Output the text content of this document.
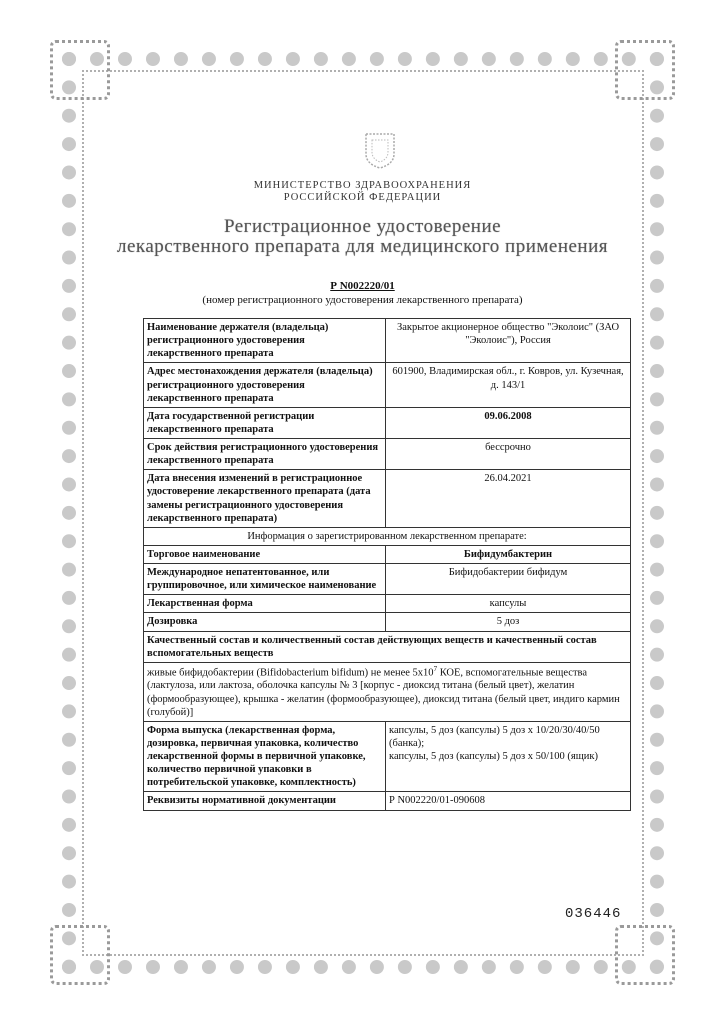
МИНИСТЕРСТВО ЗДРАВООХРАНЕНИЯ
РОССИЙСКОЙ ФЕДЕРАЦИИ
Регистрационное удостоверение
лекарственного препарата для медицинского применения
Р N002220/01
(номер регистрационного удостоверения лекарственного препарата)
Наименование держателя (владельца) регистрационного удостоверения лекарственного препарата	Закрытое акционерное общество "Эколоис" (ЗАО "Эколоис"), Россия
Адрес местонахождения держателя (владельца) регистрационного удостоверения лекарственного препарата	601900, Владимирская обл., г. Ковров, ул. Кузечная, д. 143/1
Дата государственной регистрации лекарственного препарата	09.06.2008
Срок действия регистрационного удостоверения лекарственного препарата	бессрочно
Дата внесения изменений в регистрационное удостоверение лекарственного препарата (дата замены регистрационного удостоверения лекарственного препарата)	26.04.2021
Информация о зарегистрированном лекарственном препарате:	
Торговое наименование	Бифидумбактерин
Международное непатентованное, или группировочное, или химическое наименование	Бифидобактерии бифидум
Лекарственная форма	капсулы
Дозировка	5 доз
Качественный состав и количественный состав действующих веществ и качественный состав вспомогательных веществ	
живые бифидобактерии (Bifidobacterium bifidum) не менее $5x10^7$ КОЕ, вспомогательные вещества (лактулоза, или лактоза, оболочка капсулы № 3 [корпус - диоксид титана (белый цвет), желатин (формообразующее), крышка - желатин (формообразующее), диоксид титана (белый цвет, индиго кармин (голубой)]	
Форма выпуска (лекарственная форма, дозировка, первичная упаковка, количество лекарственной формы в первичной упаковке, количество первичной упаковки в потребительской упаковке, комплектность)	капсулы, 5 доз (капсулы) 5 доз x 10/20/30/40/50 (банка);
капсулы, 5 доз (капсулы) 5 доз x 50/100 (ящик)

Реквизиты нормативной документации	Р N002220/01-090608
036446
